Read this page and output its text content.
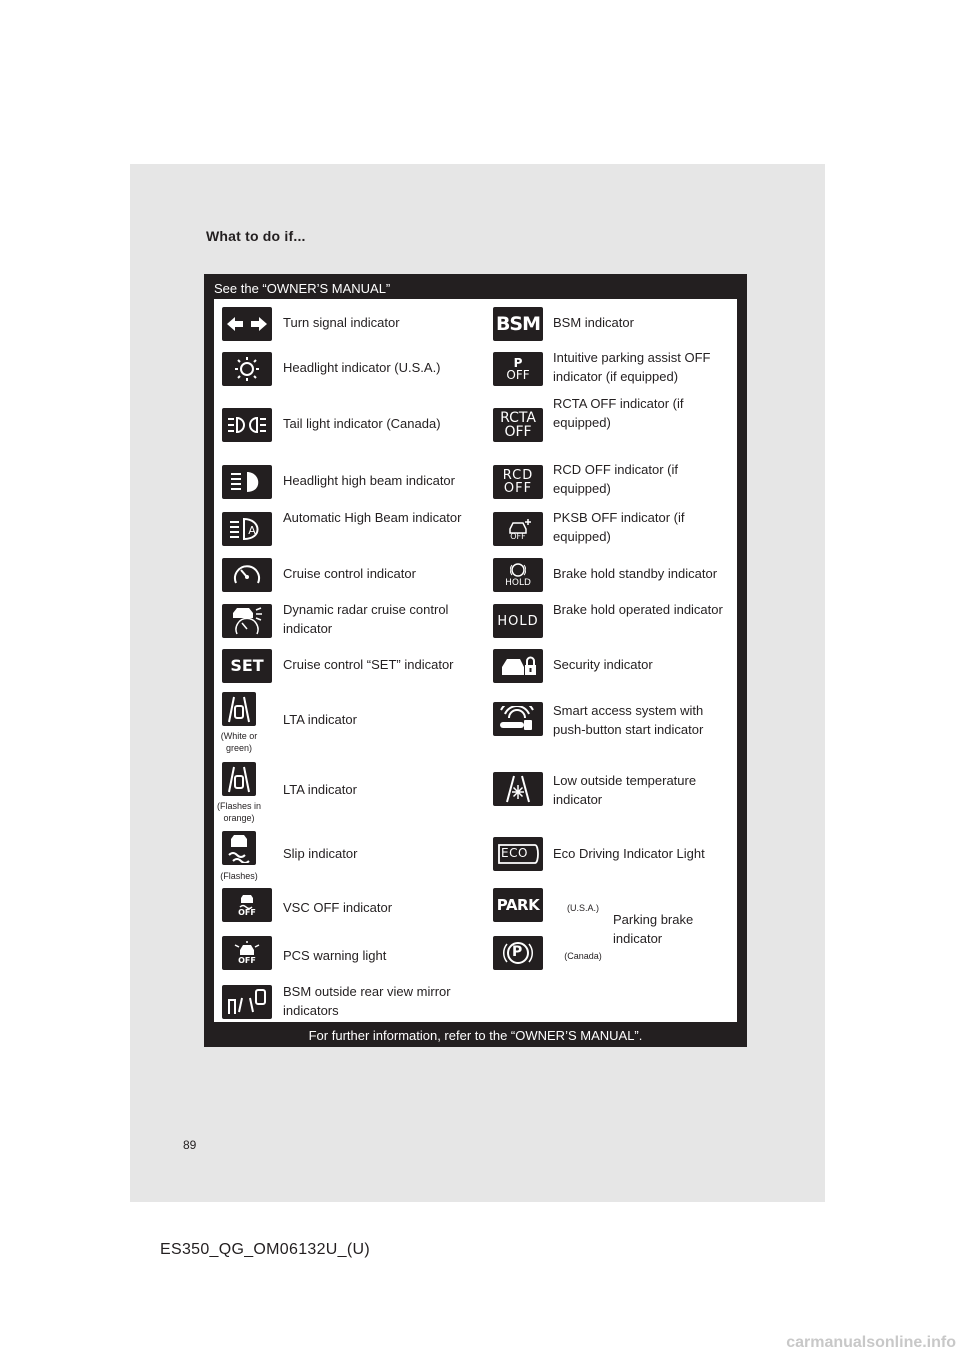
What to do if...
See the “OWNER’S MANUAL”
Turn signal indicator
Headlight indicator (U.S.A.)
Tail light indicator (Canada)
Headlight high beam indicator
A
Automatic High Beam indicator
Cruise control indicator
Dynamic radar cruise control indicator
SET Cruise control “SET” indicator
(White or green)
LTA indicator
(Flashes in orange)
LTA indicator
(Flashes)
Slip indicator
OFF VSC OFF indicator
OFF PCS warning light
BSM outside rear view mirror indicators
BSM BSM indicator
P
OFF
Intuitive parking assist OFF indicator (if equipped)
RCTA
OFF
RCTA OFF indicator (if equipped)
RCD
OFF
RCD OFF indicator (if equipped)
OFF
PKSB OFF indicator (if equipped)
HOLD
Brake hold standby indicator
HOLD
Brake hold operated indicator
Security indicator
Smart access system with push-button start indicator
Low outside temperature indicator
ECO Eco Driving Indicator Light
PARK	(U.S.A.)
P	(Canada)
Parking brake indicator
For further information, refer to the “OWNER’S MANUAL”.
89
ES350_QG_OM06132U_(U)
carmanualsonline.info
